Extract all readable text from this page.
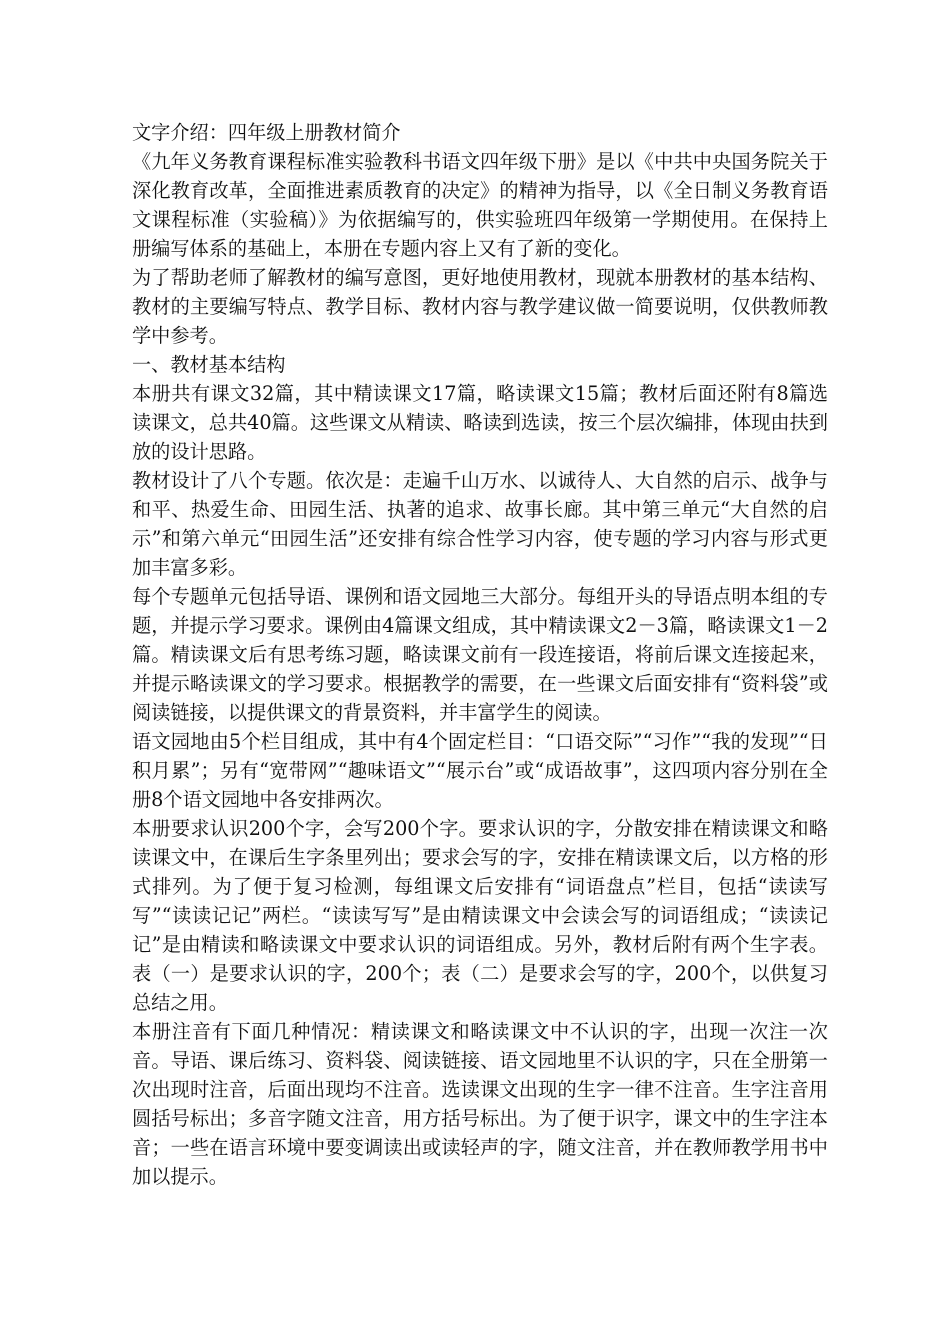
文字介绍：四年级上册教材简介

《九年义务教育课程标准实验教科书语文四年级下册》是以《中共中央国务院关于深化教育改革，全面推进素质教育的决定》的精神为指导，以《全日制义务教育语文课程标准（实验稿）》为依据编写的，供实验班四年级第一学期使用。在保持上册编写体系的基础上，本册在专题内容上又有了新的变化。

为了帮助老师了解教材的编写意图，更好地使用教材，现就本册教材的基本结构、教材的主要编写特点、教学目标、教材内容与教学建议做一简要说明，仅供教师教学中参考。

一、教材基本结构

本册共有课文32篇，其中精读课文17篇，略读课文15篇；教材后面还附有8篇选读课文，总共40篇。这些课文从精读、略读到选读，按三个层次编排，体现由扶到放的设计思路。

教材设计了八个专题。依次是：走遍千山万水、以诚待人、大自然的启示、战争与和平、热爱生命、田园生活、执著的追求、故事长廊。其中第三单元“大自然的启示”和第六单元“田园生活”还安排有综合性学习内容，使专题的学习内容与形式更加丰富多彩。

每个专题单元包括导语、课例和语文园地三大部分。每组开头的导语点明本组的专题，并提示学习要求。课例由4篇课文组成，其中精读课文2－3篇，略读课文1－2篇。精读课文后有思考练习题，略读课文前有一段连接语，将前后课文连接起来，并提示略读课文的学习要求。根据教学的需要，在一些课文后面安排有“资料袋”或阅读链接，以提供课文的背景资料，并丰富学生的阅读。

语文园地由5个栏目组成，其中有4个固定栏目：“口语交际”“习作”“我的发现”“日积月累”；另有“宽带网”“趣味语文”“展示台”或“成语故事”，这四项内容分别在全册8个语文园地中各安排两次。

本册要求认识200个字，会写200个字。要求认识的字，分散安排在精读课文和略读课文中，在课后生字条里列出；要求会写的字，安排在精读课文后，以方格的形式排列。为了便于复习检测，每组课文后安排有“词语盘点”栏目，包括“读读写写”“读读记记”两栏。“读读写写”是由精读课文中会读会写的词语组成；“读读记记”是由精读和略读课文中要求认识的词语组成。另外，教材后附有两个生字表。表（一）是要求认识的字，200个；表（二）是要求会写的字，200个，以供复习总结之用。

本册注音有下面几种情况：精读课文和略读课文中不认识的字，出现一次注一次音。导语、课后练习、资料袋、阅读链接、语文园地里不认识的字，只在全册第一次出现时注音，后面出现均不注音。选读课文出现的生字一律不注音。生字注音用圆括号标出；多音字随文注音，用方括号标出。为了便于识字，课文中的生字注本音；一些在语言环境中要变调读出或读轻声的字，随文注音，并在教师教学用书中加以提示。
